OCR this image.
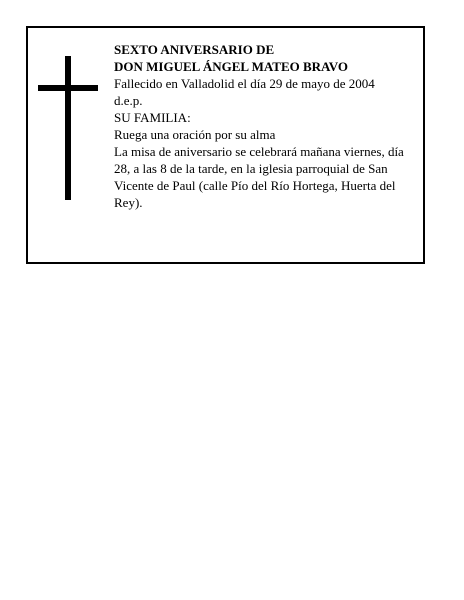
SEXTO ANIVERSARIO DE
DON MIGUEL ÁNGEL MATEO BRAVO
Fallecido en Valladolid el día 29 de mayo de 2004
d.e.p.
SU FAMILIA:
Ruega una oración por su alma
La misa de aniversario se celebrará mañana viernes, día 28, a las 8 de la tarde, en la iglesia parroquial de San Vicente de Paul (calle Pío del Río Hortega, Huerta del Rey).
